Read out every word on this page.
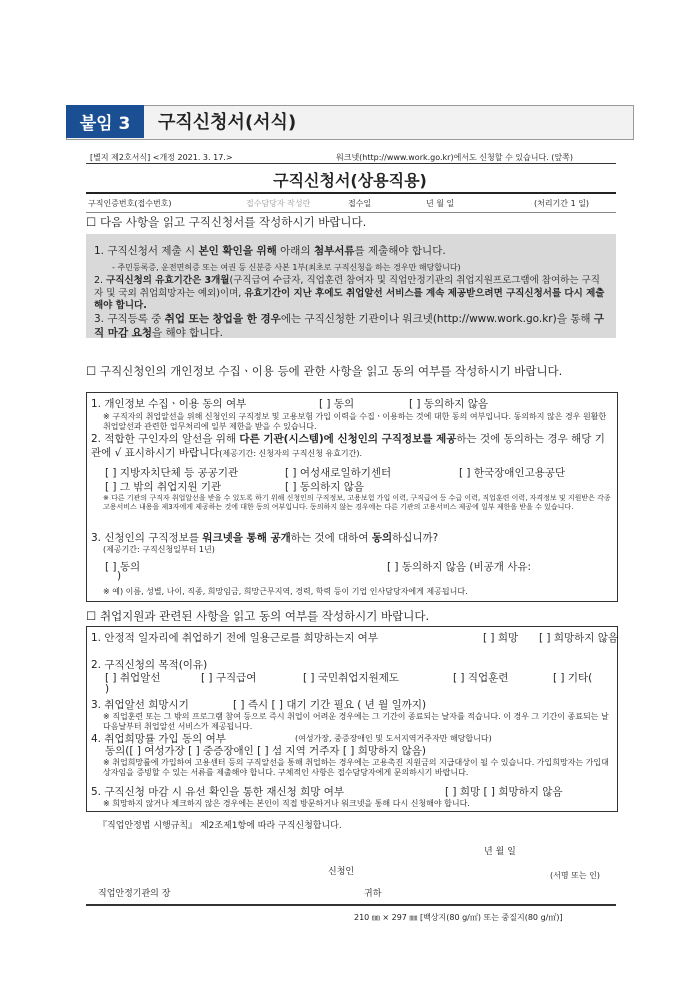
붙임 3	구직신청서(서식)
[별지 제2호서식] <개정 2021. 3. 17.>	워크넷(http://www.work.go.kr)에서도 신청할 수 있습니다. (앞쪽)
구직신청서(상용직용)
구직인증번호(접수번호)	접수담당자 작성란	접수일	년 월 일	(처리기간 1 일)
☐ 다음 사항을 읽고 구직신청서를 작성하시기 바랍니다.
1. 구직신청서 제출 시 본인 확인을 위해 아래의 첨부서류를 제출해야 합니다.
- 주민등록증, 운전면허증 또는 여권 등 신분증 사본 1부(최초로 구직신청을 하는 경우만 해당합니다)
2. 구직신청의 유효기간은 3개월(구직급여 수급자, 직업훈련 참여자 및 직업안정기관의 취업지원프로그램에 참여하는 구직자 및 국외 취업희망자는 예외)이며, 유효기간이 지난 후에도 취업알선 서비스를 계속 제공받으려면 구직신청서를 다시 제출해야 합니다.
3. 구직등록 중 취업 또는 창업을 한 경우에는 구직신청한 기관이나 워크넷(http://www.work.go.kr)을 통해 구직 마감 요청을 해야 합니다.
☐ 구직신청인의 개인정보 수집ㆍ이용 등에 관한 사항을 읽고 동의 여부를 작성하시기 바랍니다.
1. 개인정보 수집ㆍ이용 동의 여부	[ ] 동의	[ ] 동의하지 않음
※ 구직자의 취업알선을 위해 신청인의 구직정보 및 고용보험 가입 이력을 수집ㆍ이용하는 것에 대한 동의 여부입니다. 동의하지 않은 경우 원활한 취업알선과 관련한 업무처리에 일부 제한을 받을 수 있습니다.
2. 적합한 구인자의 알선을 위해 다른 기관(시스템)에 신청인의 구직정보를 제공하는 것에 동의하는 경우 해당 기관에 √ 표시하시기 바랍니다(제공기간: 신청자의 구직신청 유효기간).
[ ] 지방자치단체 등 공공기관	[ ] 여성새로일하기센터	[ ] 한국장애인고용공단
[ ] 그 밖의 취업지원 기관	[ ] 동의하지 않음
※ 다른 기관의 구직자 취업알선을 받을 수 있도록 하기 위해 신청인의 구직정보, 고용보험 가입 이력, 구직급여 등 수급 이력, 직업훈련 이력, 자격정보 및 지원받은 각종 고용서비스 내용을 제3자에게 제공하는 것에 대한 동의 여부입니다. 동의하지 않는 경우에는 다른 기관의 고용서비스 제공에 일부 제한을 받을 수 있습니다.
3. 신청인의 구직정보를 워크넷을 통해 공개하는 것에 대하여 동의하십니까?
(제공기간: 구직신청일부터 1년)
[ ] 동의	[ ] 동의하지 않음 (비공개 사유:
)
※ 예) 이름, 성별, 나이, 직종, 희망임금, 희망근무지역, 경력, 학력 등이 기업 인사담당자에게 제공됩니다.
☐ 취업지원과 관련된 사항을 읽고 동의 여부를 작성하시기 바랍니다.
1. 안정적 일자리에 취업하기 전에 일용근로를 희망하는지 여부	[ ] 희망 [ ] 희망하지 않음
2. 구직신청의 목적(이유)
[ ] 취업알선	[ ] 구직급여	[ ] 국민취업지원제도	[ ] 직업훈련	[ ] 기타(
)
3. 취업알선 희망시기	[ ] 즉시 [ ] 대기 기간 필요 ( 년 월 일까지)
※ 직업훈련 또는 그 밖의 프로그램 참여 등으로 즉시 취업이 어려운 경우에는 그 기간이 종료되는 날자를 적습니다. 이 경우 그 기간이 종료되는 날 다음날부터 취업알선 서비스가 제공됩니다.
4. 취업희망률 가입 동의 여부	(여성가장, 중증장애인 및 도서지역거주자만 해당합니다)
동의([ ] 여성가장 [ ] 중증장애인 [ ] 섬 지역 거주자 [ ] 희망하지 않음)
※ 취업희망률에 가입하여 고용센터 등의 구직알선을 통해 취업하는 경우에는 고용촉진 지원금의 지급대상이 될 수 있습니다. 가입희망자는 가입대상자임을 증빙할 수 있는 서류를 제출해야 합니다. 구체적인 사항은 접수담당자에게 문의하시기 바랍니다.
5. 구직신청 마감 시 유선 확인을 통한 재신청 희망 여부	[ ] 희망 [ ] 희망하지 않음
※ 희망하지 않거나 체크하지 않은 경우에는 본인이 직접 방문하거나 워크넷을 통해 다시 신청해야 합니다.
『직업안정법 시행규칙』 제2조제1항에 따라 구직신청합니다.
년 월 일
신청인	(서명 또는 인)
직업안정기관의 장	귀하
210 ㎜ × 297 ㎜ [백상지(80 g/㎡) 또는 중질지(80 g/㎡)]
